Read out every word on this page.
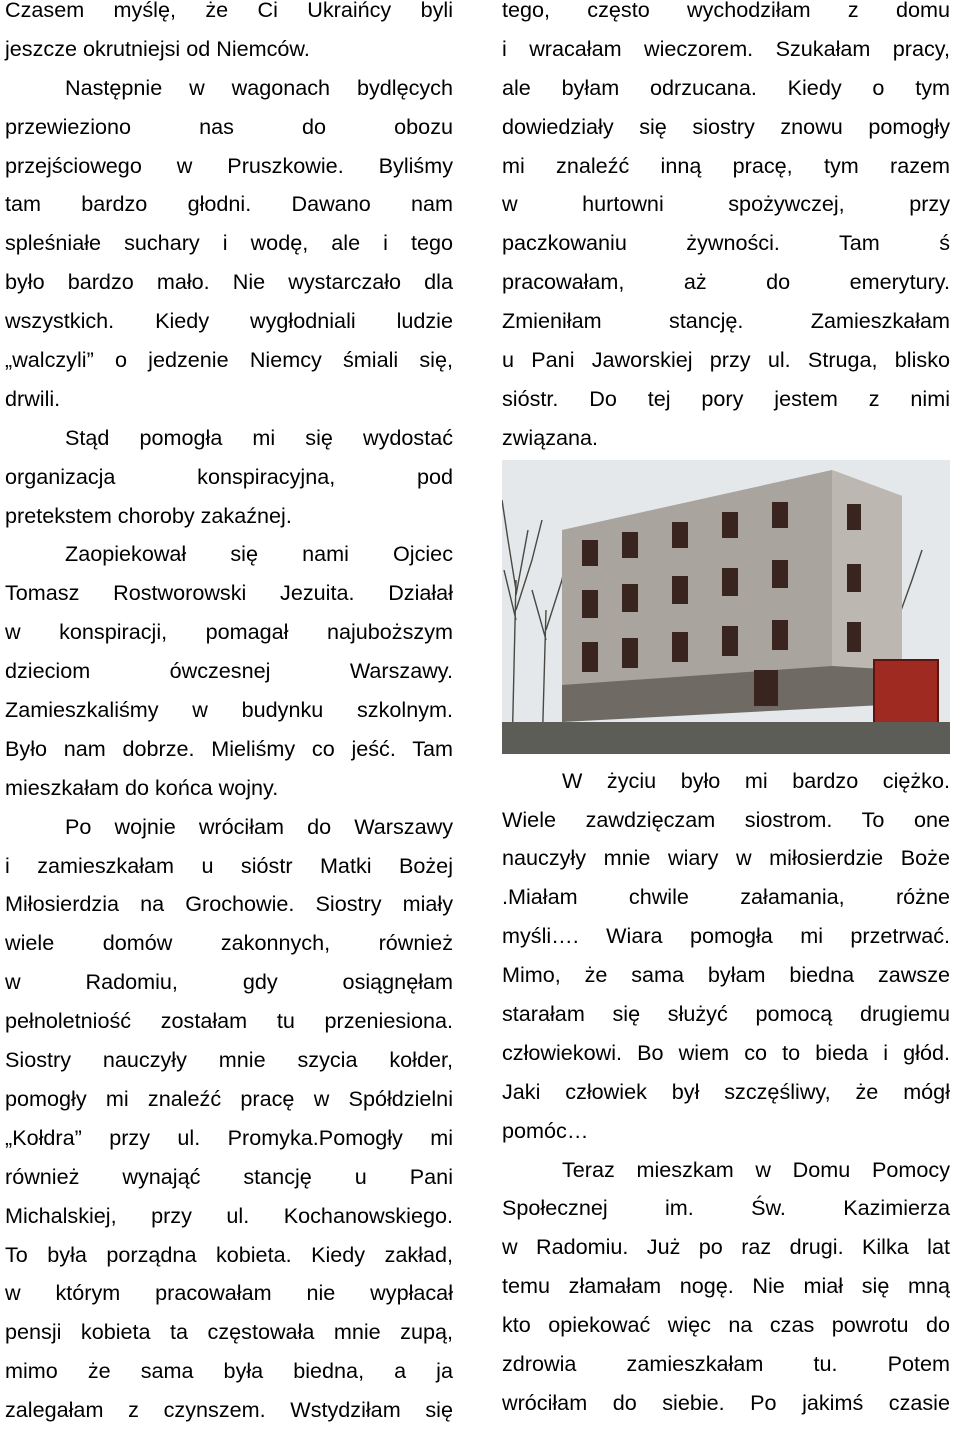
Czasem myślę, że Ci Ukraińcy byli
jeszcze okrutniejsi od Niemców.
Następnie w wagonach bydlęcych
przewieziono nas do obozu
przejściowego w Pruszkowie. Byliśmy
tam bardzo głodni. Dawano nam
spleśniałe suchary i wodę, ale i tego
było bardzo mało. Nie wystarczało dla
wszystkich. Kiedy wygłodniali ludzie
„walczyli” o jedzenie Niemcy śmiali się,
drwili.
Stąd pomogła mi się wydostać
organizacja konspiracyjna, pod
pretekstem choroby zakaźnej.
Zaopiekował się nami Ojciec
Tomasz Rostworowski Jezuita. Działał
w konspiracji, pomagał najuboższym
dzieciom ówczesnej Warszawy.
Zamieszkaliśmy w budynku szkolnym.
Było nam dobrze. Mieliśmy co jeść. Tam
mieszkałam do końca wojny.
Po wojnie wróciłam do Warszawy
i zamieszkałam u sióstr Matki Bożej
Miłosierdzia na Grochowie. Siostry miały
wiele domów zakonnych, również
w Radomiu, gdy osiągnęłam
pełnoletniość zostałam tu przeniesiona.
Siostry nauczyły mnie szycia kołder,
pomogły mi znaleźć pracę w Spółdzielni
„Kołdra” przy ul. Promyka.Pomogły mi
również wynająć stancję u Pani
Michalskiej, przy ul. Kochanowskiego.
To była porządna kobieta. Kiedy zakład,
w którym pracowałam nie wypłacał
pensji kobieta ta częstowała mnie zupą,
mimo że sama była biedna, a ja
zalegałam z czynszem. Wstydziłam się
tego, często wychodziłam z domu
i wracałam wieczorem. Szukałam pracy,
ale byłam odrzucana. Kiedy o tym
dowiedziały się siostry znowu pomogły
mi znaleźć inną pracę, tym razem
w hurtowni spożywczej, przy
paczkowaniu żywności. Tam ś
pracowałam, aż do emerytury.
Zmieniłam stancję. Zamieszkałam
u Pani Jaworskiej przy ul. Struga, blisko
sióstr. Do tej pory jestem z nimi
związana.
W życiu było mi bardzo ciężko.
Wiele zawdzięczam siostrom. To one
nauczyły mnie wiary w miłosierdzie Boże
.Miałam chwile załamania, różne
myśli…. Wiara pomogła mi przetrwać.
Mimo, że sama byłam biedna zawsze
starałam się służyć pomocą drugiemu
człowiekowi. Bo wiem co to bieda i głód.
Jaki człowiek był szczęśliwy, że mógł
pomóc…
Teraz mieszkam w Domu Pomocy
Społecznej im. Św. Kazimierza
w Radomiu. Już po raz drugi. Kilka lat
temu złamałam nogę. Nie miał się mną
kto opiekować więc na czas powrotu do
zdrowia zamieszkałam tu. Potem
wróciłam do siebie. Po jakimś czasie
